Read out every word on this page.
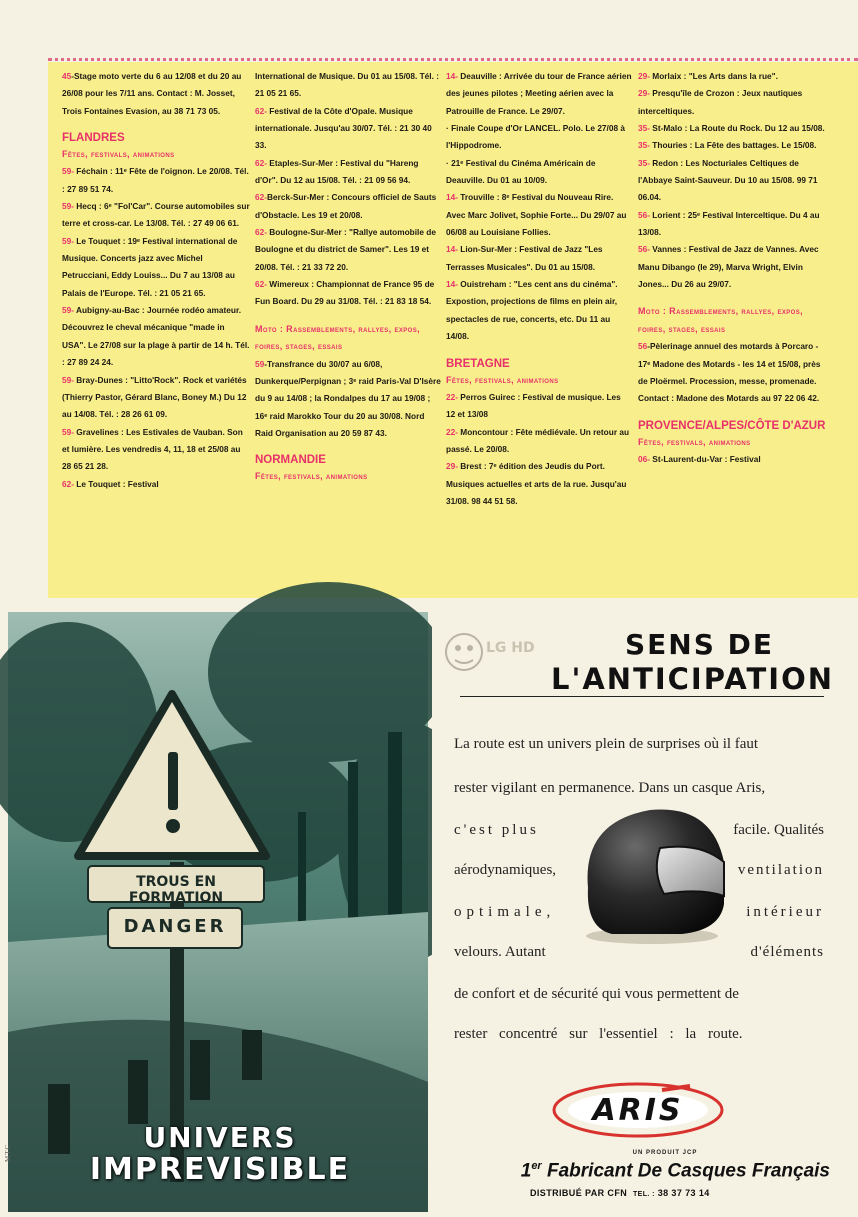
45-Stage moto verte du 6 au 12/08 et du 20 au 26/08 pour les 7/11 ans. Contact : M. Josset, Trois Fontaines Evasion, au 38 71 73 05.
FLANDRES
Fêtes, festivals, animations
59- Féchain : 11ᵉ Fête de l'oignon. Le 20/08. Tél. : 27 89 51 74.
59- Hecq : 6ᵉ "Fol'Car". Course automobiles sur terre et cross-car. Le 13/08. Tél. : 27 49 06 61.
59- Le Touquet : 19ᵉ Festival international de Musique. Concerts jazz avec Michel Petrucciani, Eddy Louiss... Du 7 au 13/08 au Palais de l'Europe. Tél. : 21 05 21 65.
59- Aubigny-au-Bac : Journée rodéo amateur. Découvrez le cheval mécanique "made in USA". Le 27/08 sur la plage à partir de 14 h. Tél. : 27 89 24 24.
59- Bray-Dunes : "Litto'Rock". Rock et variétés (Thierry Pastor, Gérard Blanc, Boney M.) Du 12 au 14/08. Tél. : 28 26 61 09.
59- Gravelines : Les Estivales de Vauban. Son et lumière. Les vendredis 4, 11, 18 et 25/08 au 28 65 21 28.
62- Le Touquet : Festival
International de Musique. Du 01 au 15/08. Tél. : 21 05 21 65.
62- Festival de la Côte d'Opale. Musique internationale. Jusqu'au 30/07. Tél. : 21 30 40 33.
62- Etaples-Sur-Mer : Festival du "Hareng d'Or". Du 12 au 15/08. Tél. : 21 09 56 94.
62-Berck-Sur-Mer : Concours officiel de Sauts d'Obstacle. Les 19 et 20/08.
62- Boulogne-Sur-Mer : "Rallye automobile de Boulogne et du district de Samer". Les 19 et 20/08. Tél. : 21 33 72 20.
62- Wimereux : Championnat de France 95 de Fun Board. Du 29 au 31/08. Tél. : 21 83 18 54.
Moto : Rassemblements, rallyes, expos, foires, stages, essais
59-Transfrance du 30/07 au 6/08, Dunkerque/Perpignan ; 3ᵉ raid Paris-Val D'Isère du 9 au 14/08 ; la Rondalpes du 17 au 19/08 ; 16ᵉ raid Marokko Tour du 20 au 30/08. Nord Raid Organisation au 20 59 87 43.
NORMANDIE
Fêtes, festivals, animations
14- Deauville : Arrivée du tour de France aérien des jeunes pilotes ; Meeting aérien avec la Patrouille de France. Le 29/07.
· Finale Coupe d'Or LANCEL. Polo. Le 27/08 à l'Hippodrome.
· 21ᵉ Festival du Cinéma Américain de Deauville. Du 01 au 10/09.
14- Trouville : 8ᵉ Festival du Nouveau Rire. Avec Marc Jolivet, Sophie Forte... Du 29/07 au 06/08 au Louisiane Follies.
14- Lion-Sur-Mer : Festival de Jazz "Les Terrasses Musicales". Du 01 au 15/08.
14- Ouistreham : "Les cent ans du cinéma". Expostion, projections de films en plein air, spectacles de rue, concerts, etc. Du 11 au 14/08.
BRETAGNE
Fêtes, festivals, animations
22- Perros Guirec : Festival de musique. Les 12 et 13/08
22- Moncontour : Fête médiévale. Un retour au passé. Le 20/08.
29- Brest : 7ᵉ édition des Jeudis du Port. Musiques actuelles et arts de la rue. Jusqu'au 31/08. 98 44 51 58.
29- Morlaix : "Les Arts dans la rue".
29- Presqu'île de Crozon : Jeux nautiques interceltiques.
35- St-Malo : La Route du Rock. Du 12 au 15/08.
35- Thouries : La Fête des battages. Le 15/08.
35- Redon : Les Nocturiales Celtiques de l'Abbaye Saint-Sauveur. Du 10 au 15/08. 99 71 06.04.
56- Lorient : 25ᵉ Festival Interceltique. Du 4 au 13/08.
56- Vannes : Festival de Jazz de Vannes. Avec Manu Dibango (le 29), Marva Wright, Elvin Jones... Du 26 au 29/07.
Moto : Rassemblements, rallyes, expos, foires, stages, essais
56-Pèlerinage annuel des motards à Porcaro - 17ᵉ Madone des Motards - les 14 et 15/08, près de Ploërmel. Procession, messe, promenade. Contact : Madone des Motards au 97 22 06 42.
PROVENCE/ALPES/CÔTE D'AZUR
Fêtes, festivals, animations
06- St-Laurent-du-Var : Festival
TROUS EN FORMATION
DANGER
UNIVERS
IMPREVISIBLE
MTC
LG HD	SENS DE
L'ANTICIPATION
La route est un univers plein de surprises où il faut
rester vigilant en permanence. Dans un casque Aris,
c'est plus	facile. Qualités
aérodynamiques,	ventilation
optimale,	intérieur
velours. Autant	d'éléments
de confort et de sécurité qui vous permettent de
rester concentré sur l'essentiel : la route.
ARIS
UN PRODUIT JCP
1er Fabricant De Casques Français
DISTRIBUÉ PAR CFN TEL. : 38 37 73 14
